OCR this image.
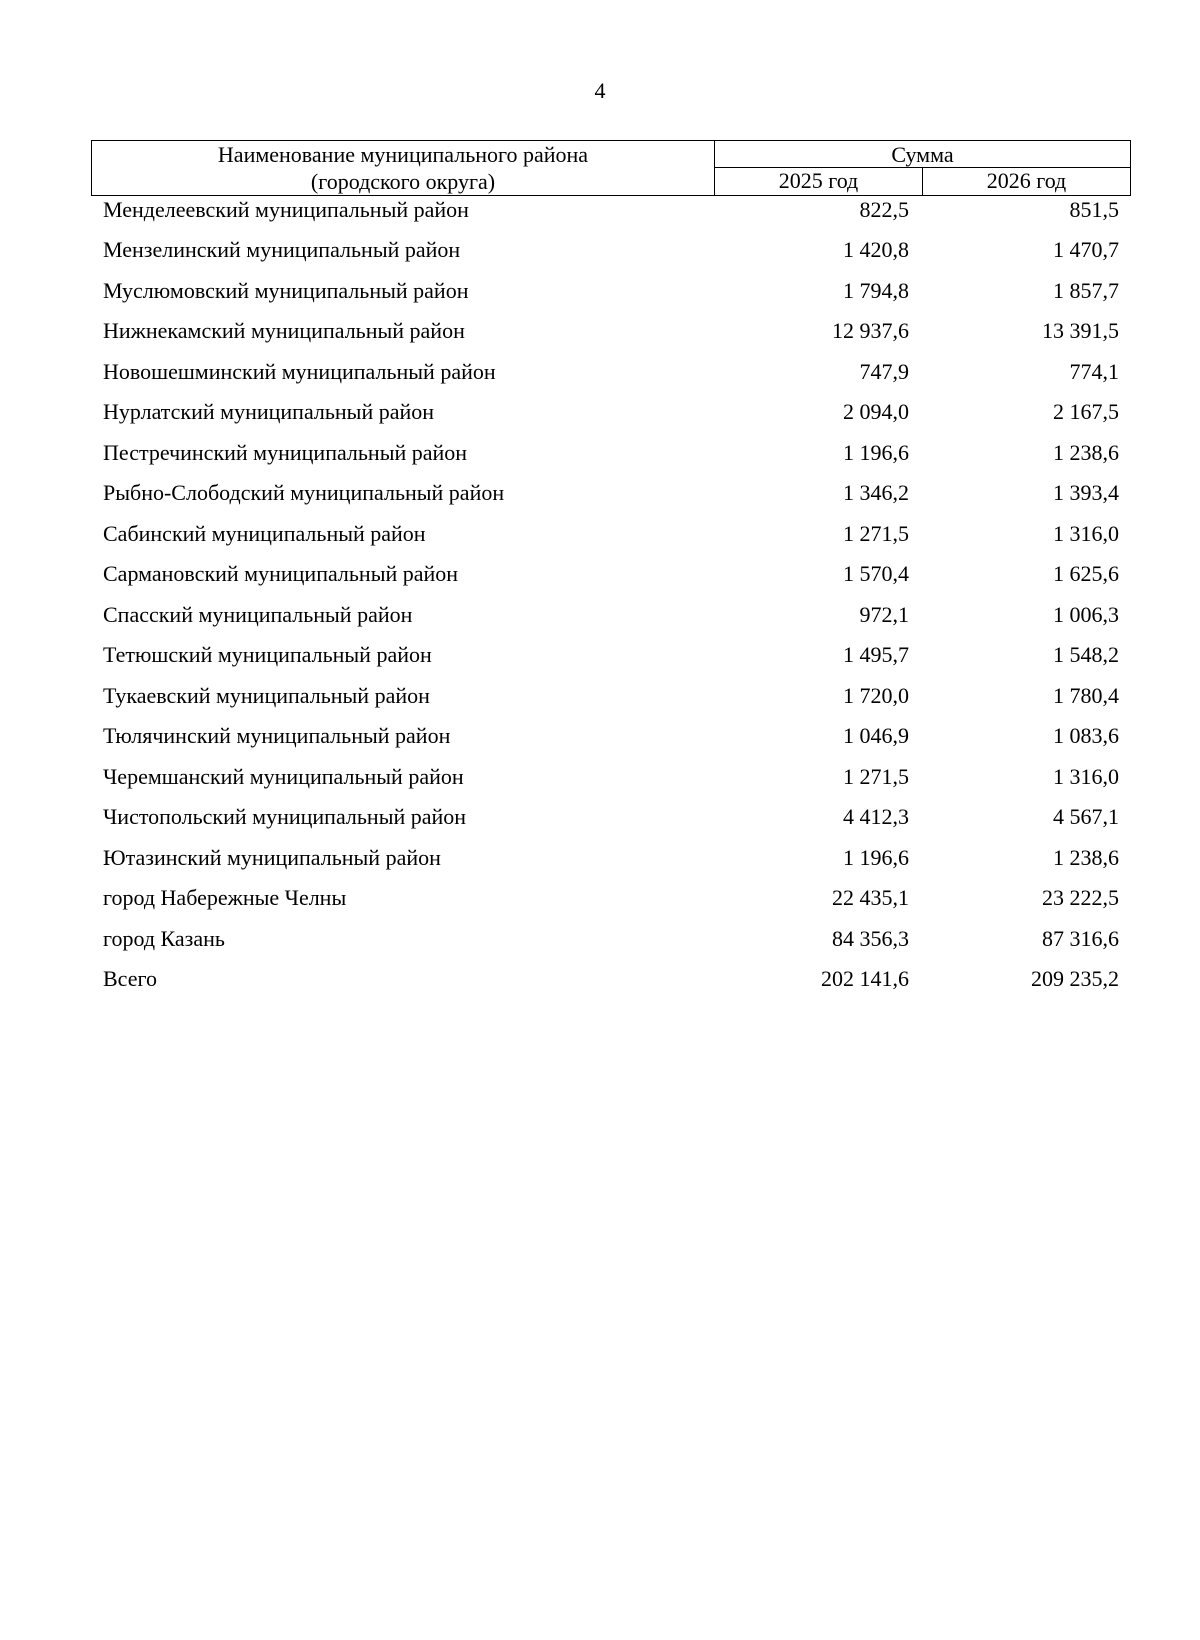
4
Наименование муниципального района
(городского округа)
Сумма
2025 год	2026 год
Менделеевский муниципальный район	822,5	851,5
Мензелинский муниципальный район	1 420,8	1 470,7
Муслюмовский муниципальный район	1 794,8	1 857,7
Нижнекамский муниципальный район	12 937,6	13 391,5
Новошешминский муниципальный район	747,9	774,1
Нурлатский муниципальный район	2 094,0	2 167,5
Пестречинский муниципальный район	1 196,6	1 238,6
Рыбно-Слободский муниципальный район	1 346,2	1 393,4
Сабинский муниципальный район	1 271,5	1 316,0
Сармановский муниципальный район	1 570,4	1 625,6
Спасский муниципальный район	972,1	1 006,3
Тетюшский муниципальный район	1 495,7	1 548,2
Тукаевский муниципальный район	1 720,0	1 780,4
Тюлячинский муниципальный район	1 046,9	1 083,6
Черемшанский муниципальный район	1 271,5	1 316,0
Чистопольский муниципальный район	4 412,3	4 567,1
Ютазинский муниципальный район	1 196,6	1 238,6
город Набережные Челны	22 435,1	23 222,5
город Казань	84 356,3	87 316,6
Всего	202 141,6	209 235,2
